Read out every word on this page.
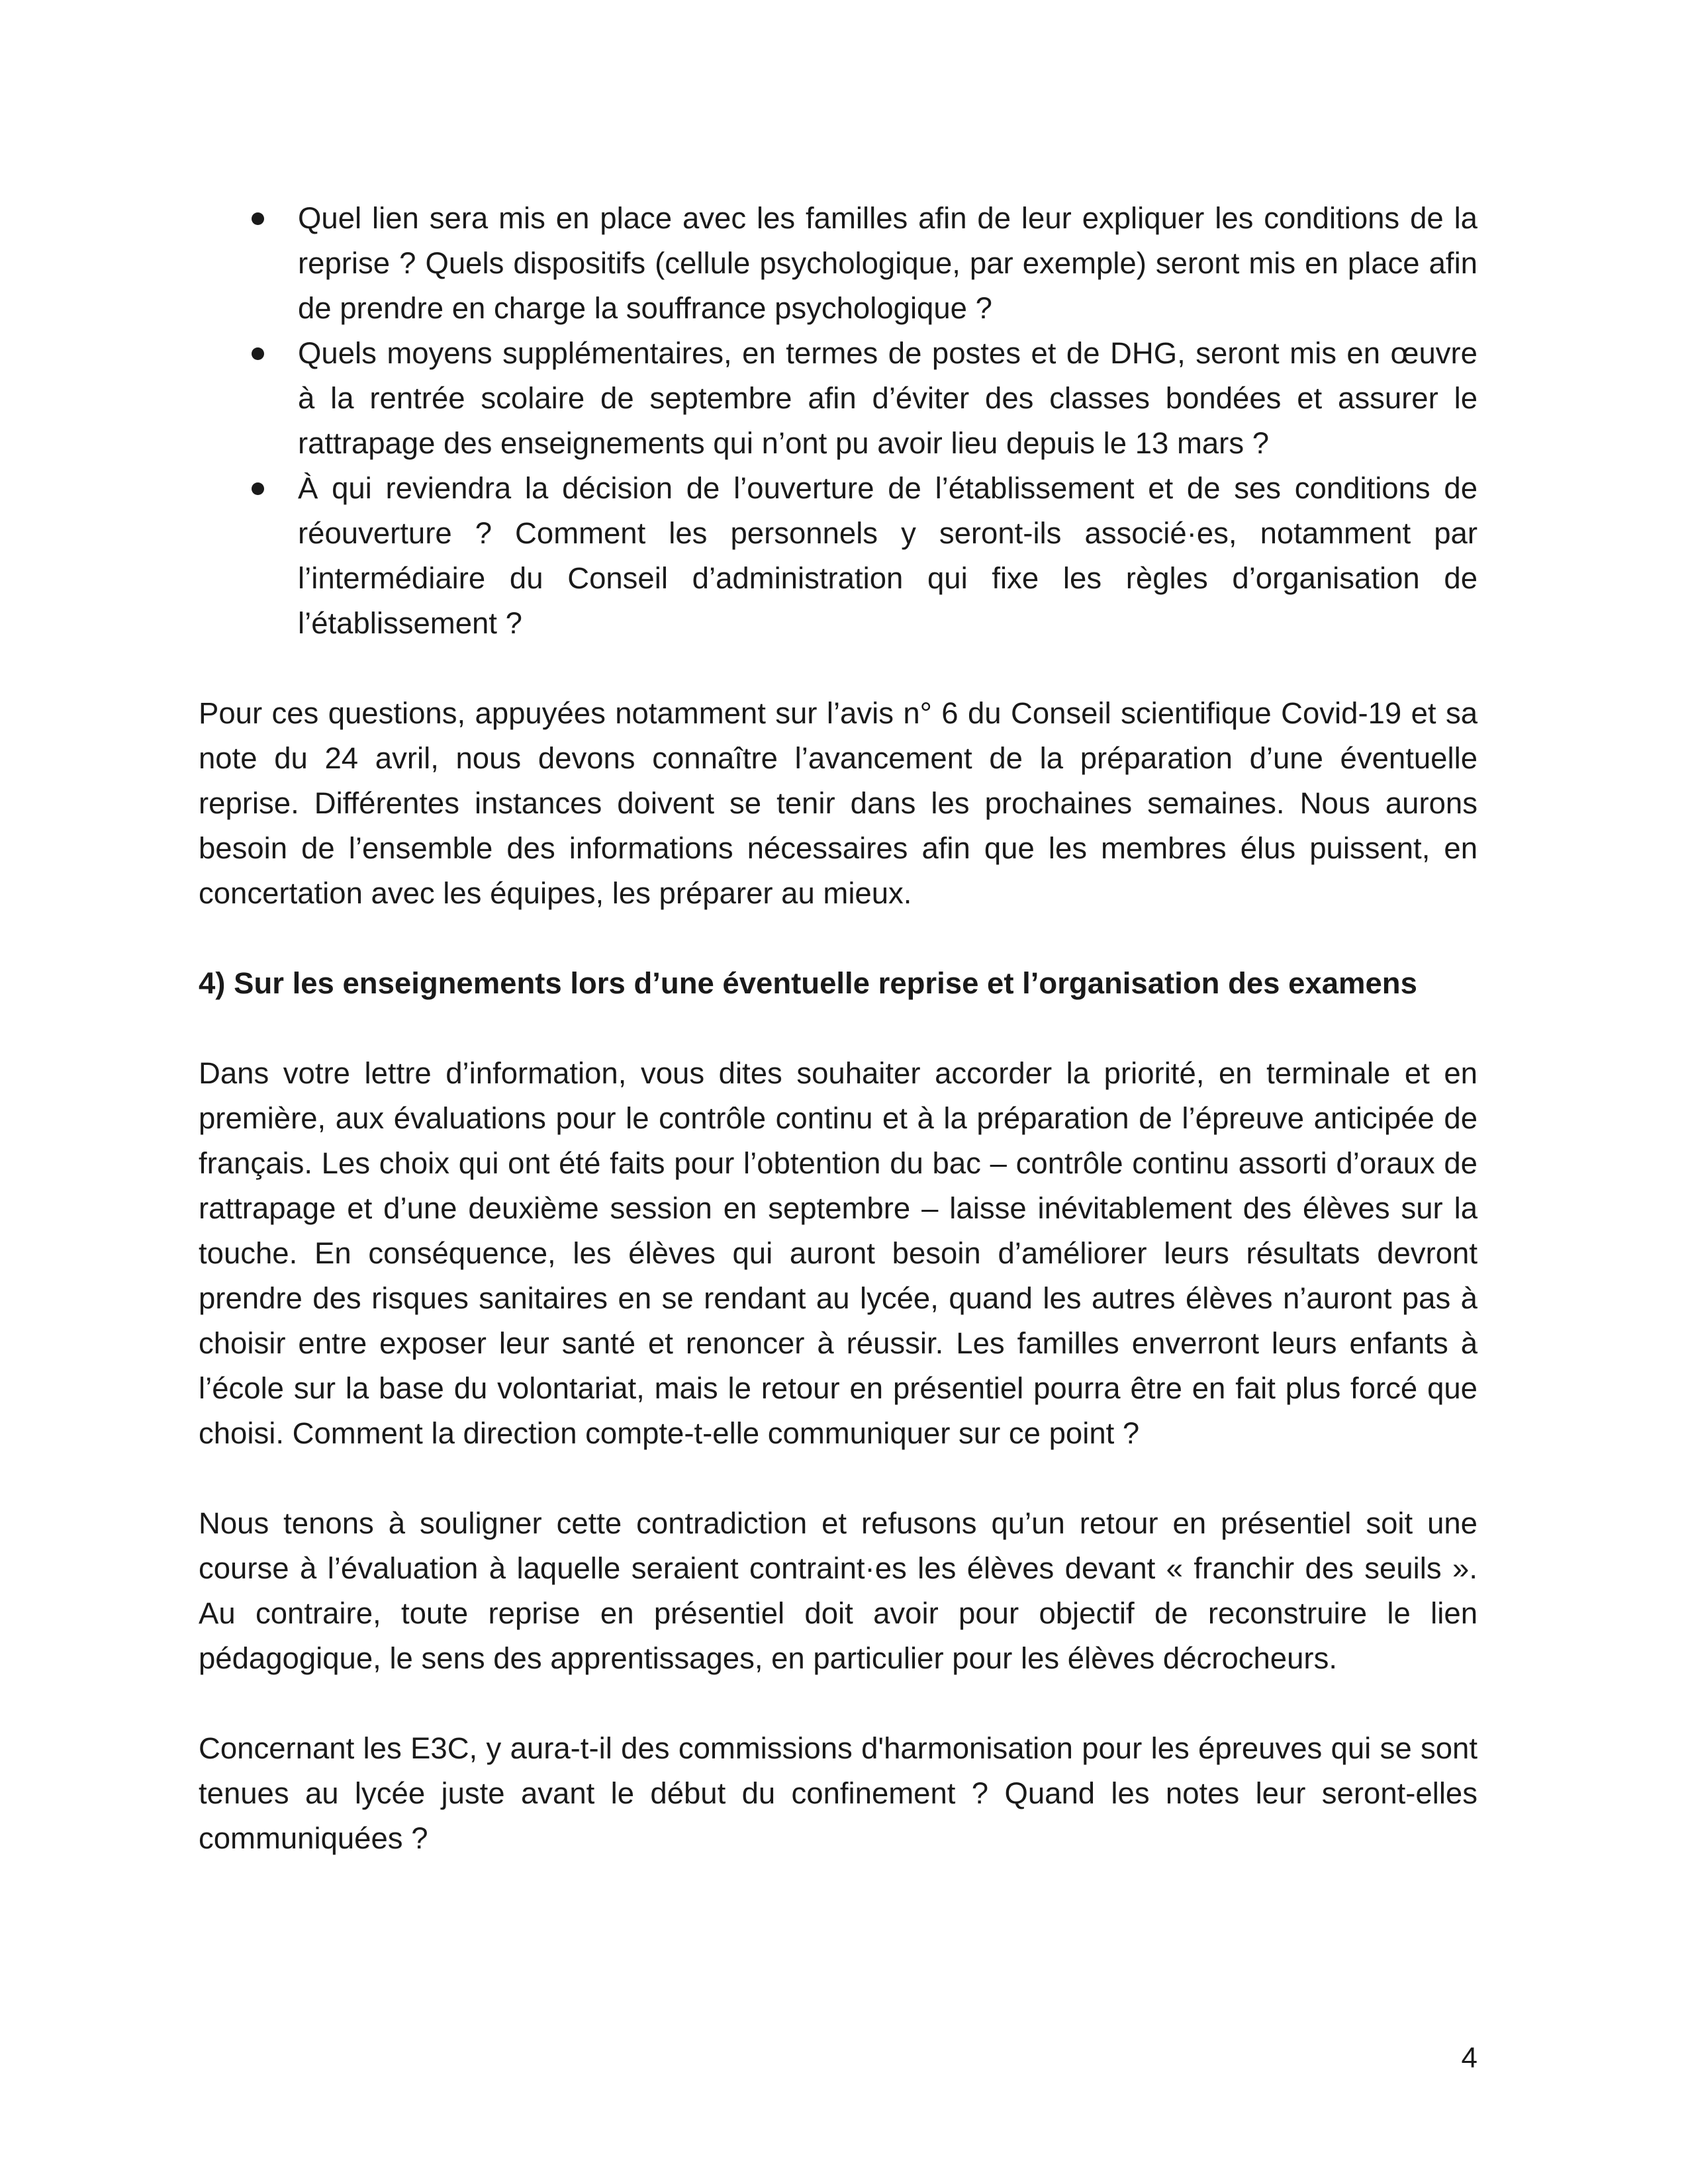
Quel lien sera mis en place avec les familles afin de leur expliquer les conditions de la reprise ? Quels dispositifs (cellule psychologique, par exemple) seront mis en place afin de prendre en charge la souffrance psychologique ?
Quels moyens supplémentaires, en termes de postes et de DHG, seront mis en œuvre à la rentrée scolaire de septembre afin d’éviter des classes bondées et assurer le rattrapage des enseignements qui n’ont pu avoir lieu depuis le 13 mars ?
À qui reviendra la décision de l’ouverture de l’établissement et de ses conditions de réouverture ? Comment les personnels y seront-ils associé·es, notamment par l’intermédiaire du Conseil d’administration qui fixe les règles d’organisation de l’établissement ?

Pour ces questions, appuyées notamment sur l’avis n° 6 du Conseil scientifique Covid-19 et sa note du 24 avril, nous devons connaître l’avancement de la préparation d’une éventuelle reprise. Différentes instances doivent se tenir dans les prochaines semaines. Nous aurons besoin de l’ensemble des informations nécessaires afin que les membres élus puissent, en concertation avec les équipes, les préparer au mieux.

4) Sur les enseignements lors d’une éventuelle reprise et l’organisation des examens

Dans votre lettre d’information, vous dites souhaiter accorder la priorité, en terminale et en première, aux évaluations pour le contrôle continu et à la préparation de l’épreuve anticipée de français. Les choix qui ont été faits pour l’obtention du bac – contrôle continu assorti d’oraux de rattrapage et d’une deuxième session en septembre – laisse inévitablement des élèves sur la touche. En conséquence, les élèves qui auront besoin d’améliorer leurs résultats devront prendre des risques sanitaires en se rendant au lycée, quand les autres élèves n’auront pas à choisir entre exposer leur santé et renoncer à réussir. Les familles enverront leurs enfants à l’école sur la base du volontariat, mais le retour en présentiel pourra être en fait plus forcé que choisi. Comment la direction compte-t-elle communiquer sur ce point ?

Nous tenons à souligner cette contradiction et refusons qu’un retour en présentiel soit une course à l’évaluation à laquelle seraient contraint·es les élèves devant « franchir des seuils ». Au contraire, toute reprise en présentiel doit avoir pour objectif de reconstruire le lien pédagogique, le sens des apprentissages, en particulier pour les élèves décrocheurs.

Concernant les E3C, y aura-t-il des commissions d'harmonisation pour les épreuves qui se sont tenues au lycée juste avant le début du confinement ? Quand les notes leur seront-elles communiquées ?

4
